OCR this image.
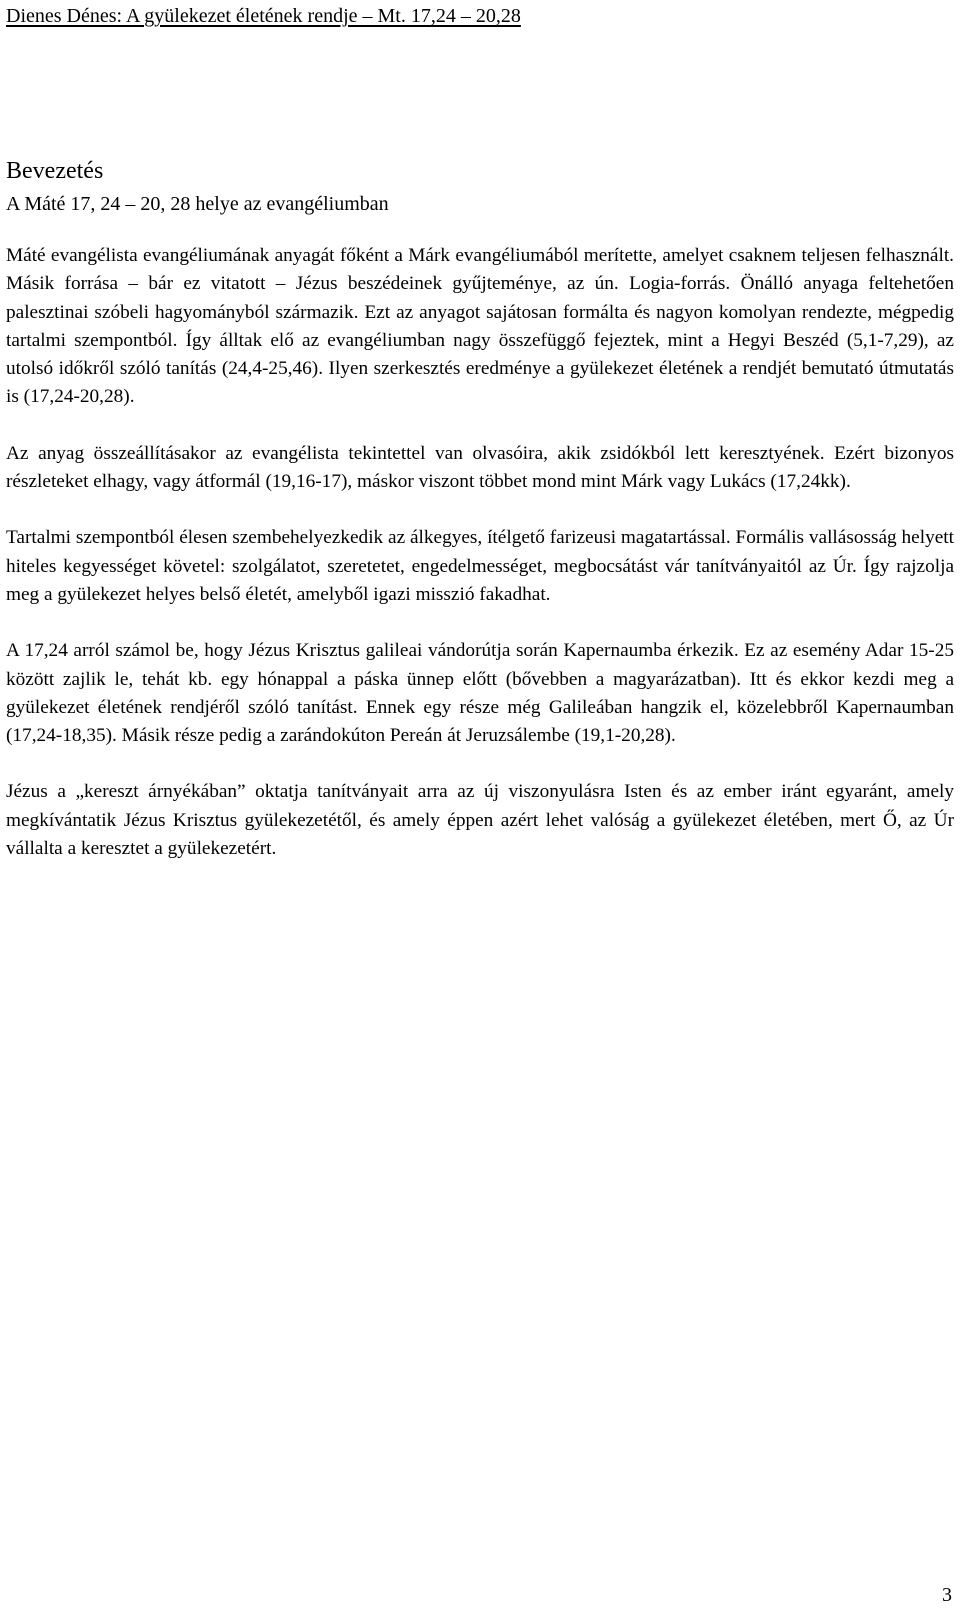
Dienes Dénes: A gyülekezet életének rendje – Mt. 17,24 – 20,28
Bevezetés
A Máté 17, 24 – 20, 28 helye az evangéliumban

Máté evangélista evangéliumának anyagát főként a Márk evangéliumából merítette, amelyet csaknem teljesen felhasznált. Másik forrása – bár ez vitatott – Jézus beszédeinek gyűjteménye, az ún. Logia-forrás. Önálló anyaga feltehetően palesztinai szóbeli hagyományból származik. Ezt az anyagot sajátosan formálta és nagyon komolyan rendezte, mégpedig tartalmi szempontból. Így álltak elő az evangéliumban nagy összefüggő fejeztek, mint a Hegyi Beszéd (5,1-7,29), az utolsó időkről szóló tanítás (24,4-25,46). Ilyen szerkesztés eredménye a gyülekezet életének a rendjét bemutató útmutatás is (17,24-20,28).

Az anyag összeállításakor az evangélista tekintettel van olvasóira, akik zsidókból lett keresztyének. Ezért bizonyos részleteket elhagy, vagy átformál (19,16-17), máskor viszont többet mond mint Márk vagy Lukács (17,24kk).

Tartalmi szempontból élesen szembehelyezkedik az álkegyes, ítélgető farizeusi magatartással. Formális vallásosság helyett hiteles kegyességet követel: szolgálatot, szeretetet, engedelmességet, megbocsátást vár tanítványaitól az Úr. Így rajzolja meg a gyülekezet helyes belső életét, amelyből igazi misszió fakadhat.

A 17,24 arról számol be, hogy Jézus Krisztus galileai vándorútja során Kapernaumba érkezik. Ez az esemény Adar 15-25 között zajlik le, tehát kb. egy hónappal a páska ünnep előtt (bővebben a magyarázatban). Itt és ekkor kezdi meg a gyülekezet életének rendjéről szóló tanítást. Ennek egy része még Galileában hangzik el, közelebbről Kapernaumban (17,24-18,35). Másik része pedig a zarándokúton Pereán át Jeruzsálembe (19,1-20,28).

Jézus a „kereszt árnyékában” oktatja tanítványait arra az új viszonyulásra Isten és az ember iránt egyaránt, amely megkívántatik Jézus Krisztus gyülekezetétől, és amely éppen azért lehet valóság a gyülekezet életében, mert Ő, az Úr vállalta a keresztet a gyülekezetért.

3
